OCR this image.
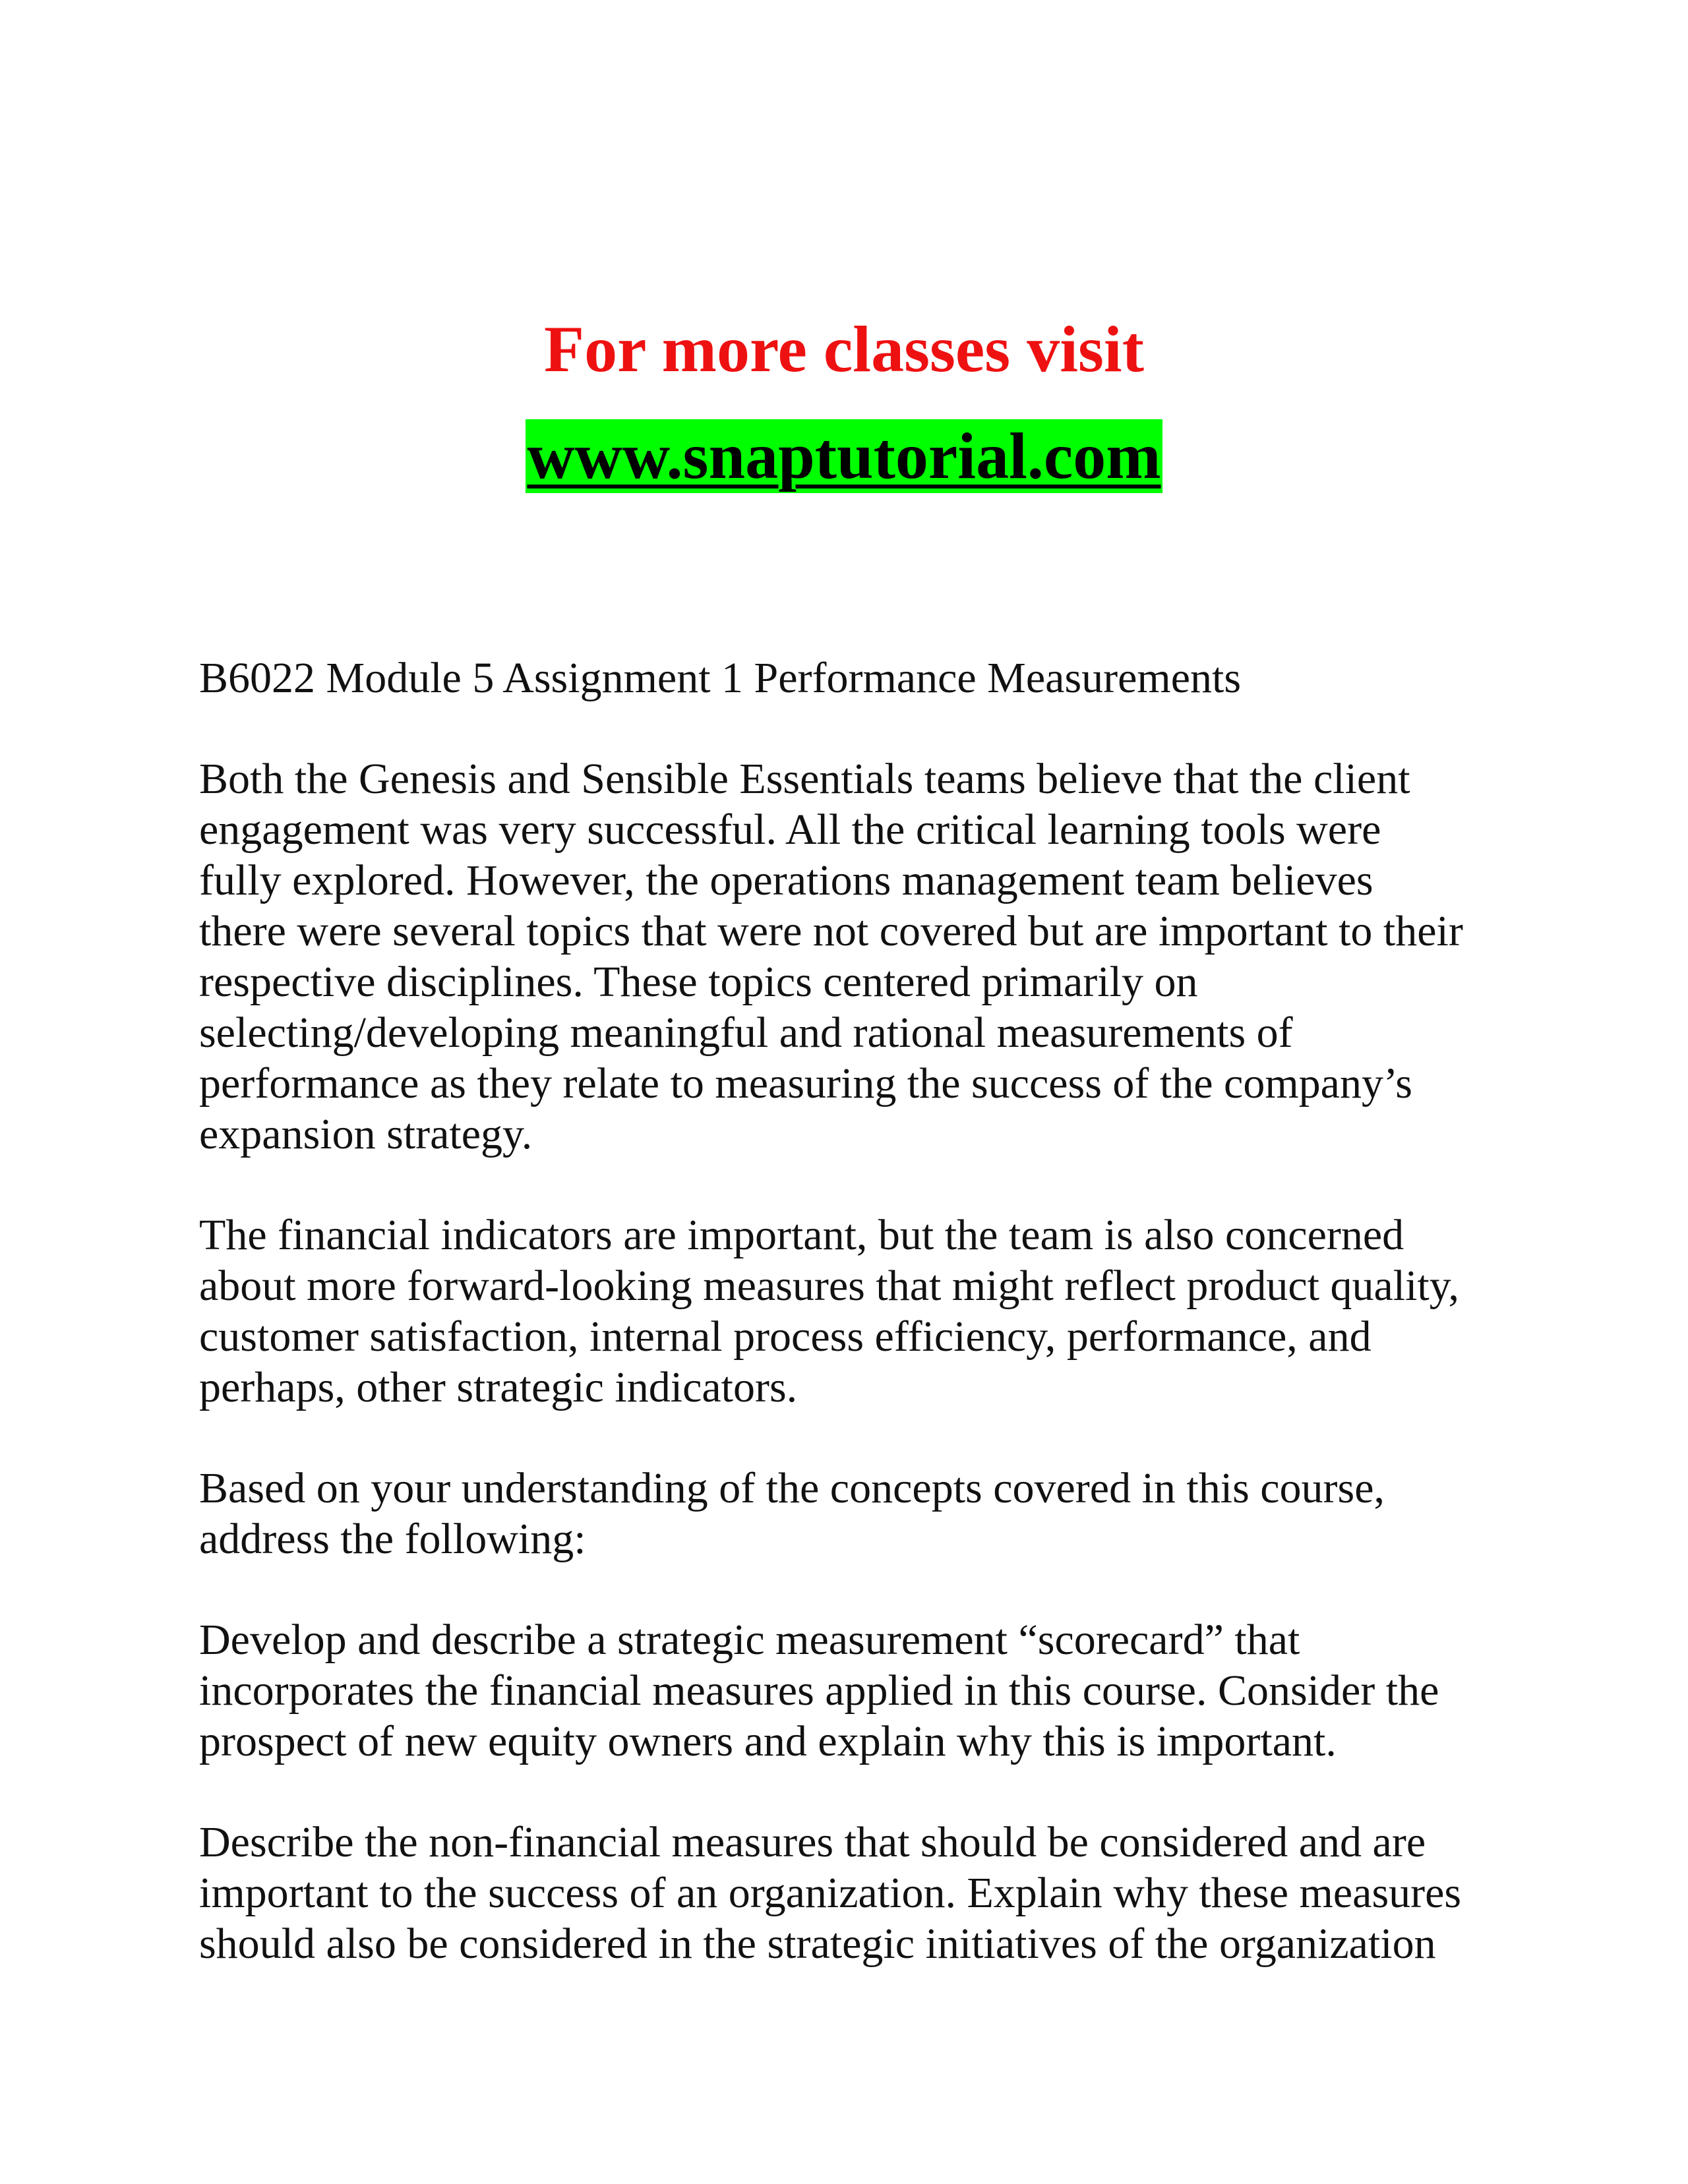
For more classes visit

www.snaptutorial.com

B6022 Module 5 Assignment 1 Performance Measurements

Both the Genesis and Sensible Essentials teams believe that the client
engagement was very successful. All the critical learning tools were
fully explored. However, the operations management team believes
there were several topics that were not covered but are important to their
respective disciplines. These topics centered primarily on
selecting/developing meaningful and rational measurements of
performance as they relate to measuring the success of the company’s
expansion strategy.
The financial indicators are important, but the team is also concerned
about more forward-looking measures that might reflect product quality,
customer satisfaction, internal process efficiency, performance, and
perhaps, other strategic indicators.
Based on your understanding of the concepts covered in this course,
address the following:
Develop and describe a strategic measurement “scorecard” that
incorporates the financial measures applied in this course. Consider the
prospect of new equity owners and explain why this is important.
Describe the non-financial measures that should be considered and are
important to the success of an organization. Explain why these measures
should also be considered in the strategic initiatives of the organization
